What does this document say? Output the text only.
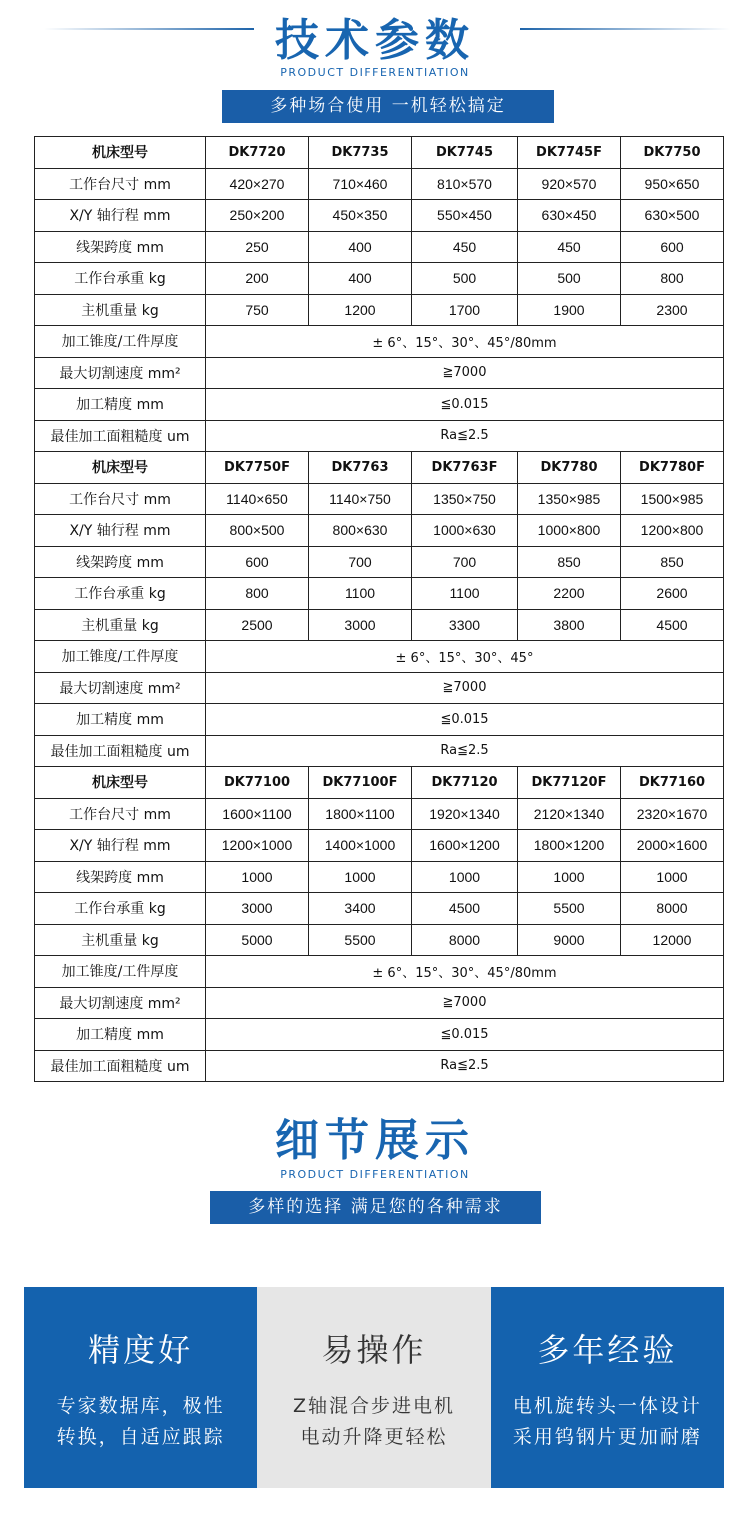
技术参数
PRODUCT DIFFERENTIATION
多种场合使用 一机轻松搞定
机床型号	DK7720	DK7735	DK7745	DK7745F	DK7750
工作台尺寸 mm	420×270	710×460	810×570	920×570	950×650
X/Y 轴行程 mm	250×200	450×350	550×450	630×450	630×500
线架跨度 mm	250	400	450	450	600
工作台承重 kg	200	400	500	500	800
主机重量 kg	750	1200	1700	1900	2300
加工锥度/工件厚度	± 6°、15°、30°、45°/80mm				
最大切割速度 mm²	≧7000				
加工精度 mm	≦0.015				
最佳加工面粗糙度 um	Ra≦2.5				
机床型号	DK7750F	DK7763	DK7763F	DK7780	DK7780F
工作台尺寸 mm	1140×650	1140×750	1350×750	1350×985	1500×985
X/Y 轴行程 mm	800×500	800×630	1000×630	1000×800	1200×800
线架跨度 mm	600	700	700	850	850
工作台承重 kg	800	1100	1100	2200	2600
主机重量 kg	2500	3000	3300	3800	4500
加工锥度/工件厚度	± 6°、15°、30°、45°				
最大切割速度 mm²	≧7000				
加工精度 mm	≦0.015				
最佳加工面粗糙度 um	Ra≦2.5				
机床型号	DK77100	DK77100F	DK77120	DK77120F	DK77160
工作台尺寸 mm	1600×1100	1800×1100	1920×1340	2120×1340	2320×1670
X/Y 轴行程 mm	1200×1000	1400×1000	1600×1200	1800×1200	2000×1600
线架跨度 mm	1000	1000	1000	1000	1000
工作台承重 kg	3000	3400	4500	5500	8000
主机重量 kg	5000	5500	8000	9000	12000
加工锥度/工件厚度	± 6°、15°、30°、45°/80mm				
最大切割速度 mm²	≧7000				
加工精度 mm	≦0.015				
最佳加工面粗糙度 um	Ra≦2.5				
细节展示
PRODUCT DIFFERENTIATION
多样的选择 满足您的各种需求
精度好
专家数据库，极性
转换，自适应跟踪
易操作
Z轴混合步进电机
电动升降更轻松
多年经验
电机旋转头一体设计
采用钨钢片更加耐磨
